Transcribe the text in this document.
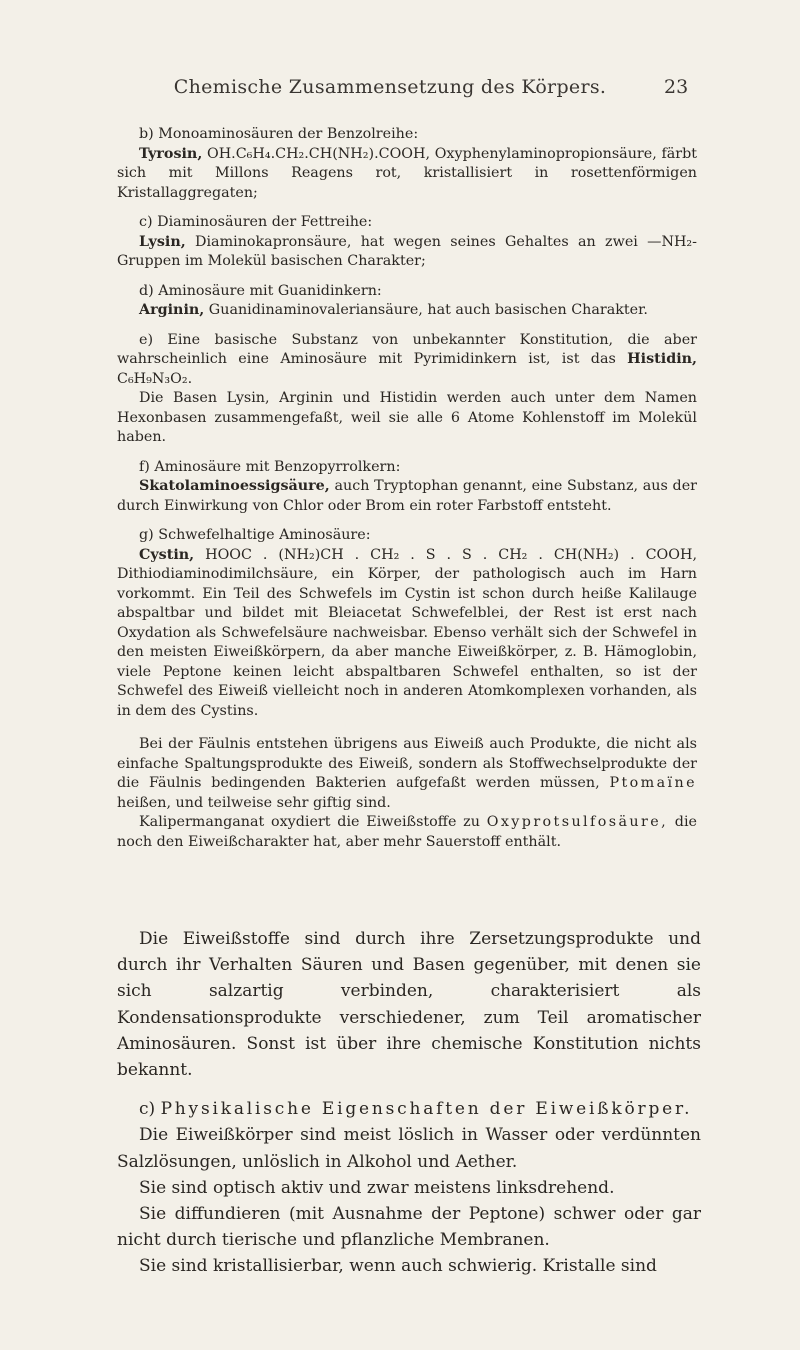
Chemische Zusammensetzung des Körpers.	23

b) Monoaminosäuren der Benzolreihe:

Tyrosin, OH.C₆H₄.CH₂.CH(NH₂).COOH, Oxyphenylaminopropionsäure, färbt sich mit Millons Reagens rot, kristallisiert in rosettenförmigen Kristallaggregaten;

c) Diaminosäuren der Fettreihe:

Lysin, Diaminokapronsäure, hat wegen seines Gehaltes an zwei —NH₂-Gruppen im Molekül basischen Charakter;

d) Aminosäure mit Guanidinkern:

Arginin, Guanidinaminovaleriansäure, hat auch basischen Charakter.

e) Eine basische Substanz von unbekannter Konstitution, die aber wahrscheinlich eine Aminosäure mit Pyrimidinkern ist, ist das Histidin, C₆H₉N₃O₂.

Die Basen Lysin, Arginin und Histidin werden auch unter dem Namen Hexonbasen zusammengefaßt, weil sie alle 6 Atome Kohlenstoff im Molekül haben.

f) Aminosäure mit Benzopyrrolkern:

Skatolaminoessigsäure, auch Tryptophan genannt, eine Substanz, aus der durch Einwirkung von Chlor oder Brom ein roter Farbstoff entsteht.

g) Schwefelhaltige Aminosäure:

Cystin, HOOC . (NH₂)CH . CH₂ . S . S . CH₂ . CH(NH₂) . COOH, Dithiodiaminodimilchsäure, ein Körper, der pathologisch auch im Harn vorkommt. Ein Teil des Schwefels im Cystin ist schon durch heiße Kalilauge abspaltbar und bildet mit Bleiacetat Schwefelblei, der Rest ist erst nach Oxydation als Schwefelsäure nachweisbar. Ebenso verhält sich der Schwefel in den meisten Eiweißkörpern, da aber manche Eiweißkörper, z. B. Hämoglobin, viele Peptone keinen leicht abspaltbaren Schwefel enthalten, so ist der Schwefel des Eiweiß vielleicht noch in anderen Atomkomplexen vorhanden, als in dem des Cystins.

Bei der Fäulnis entstehen übrigens aus Eiweiß auch Produkte, die nicht als einfache Spaltungsprodukte des Eiweiß, sondern als Stoffwechselprodukte der die Fäulnis bedingenden Bakterien aufgefaßt werden müssen, Ptomaïne heißen, und teilweise sehr giftig sind.

Kalipermanganat oxydiert die Eiweißstoffe zu Oxyprotsulfosäure, die noch den Eiweißcharakter hat, aber mehr Sauerstoff enthält.

Die Eiweißstoffe sind durch ihre Zersetzungsprodukte und durch ihr Verhalten Säuren und Basen gegenüber, mit denen sie sich salzartig verbinden, charakterisiert als Kondensationsprodukte verschiedener, zum Teil aromatischer Aminosäuren. Sonst ist über ihre chemische Konstitution nichts bekannt.

c) Physikalische Eigenschaften der Eiweißkörper.

Die Eiweißkörper sind meist löslich in Wasser oder verdünnten Salzlösungen, unlöslich in Alkohol und Aether.

Sie sind optisch aktiv und zwar meistens linksdrehend.

Sie diffundieren (mit Ausnahme der Peptone) schwer oder gar nicht durch tierische und pflanzliche Membranen.

Sie sind kristallisierbar, wenn auch schwierig. Kristalle sind
